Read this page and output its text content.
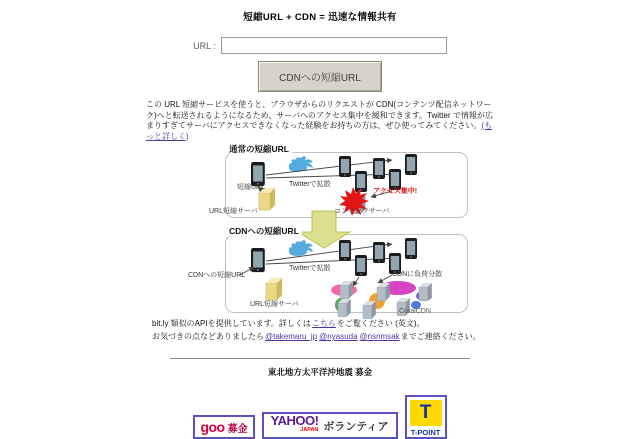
短縮URL + CDN = 迅速な情報共有
URL :
CDNへの短縮URL
この URL 短縮サービスを使うと、ブラウザからのリクエストが CDN(コンテンツ配信ネットワーク)へと転送されるようになるため、サーバへのアクセス集中を緩和できます。Twitter で情報が広まりすぎてサーバにアクセスできなくなった経験をお持ちの方は、ぜひ使ってみてください。(もっと詳しく)
通常の短縮URL
Twitterで拡散
短縮URL
URL短縮サーバ
アクセス集中!
コンテンツサーバ
CDNへの短縮URL
Twitterで拡散
CDNへの短縮URL
URL短縮サーバ
CDNに負荷分散
CoralCDN
bit.ly 類似のAPIを提供しています。詳しくはこちらをご覧ください (英文)。
お気づきの点などありましたら@takemaru_jp @nyasuda @nsnmsakまでご連絡ください。
東北地方太平洋沖地震 募金
goo 募金
YAHOO!
JAPAN ボランティア
T
T-POINT
